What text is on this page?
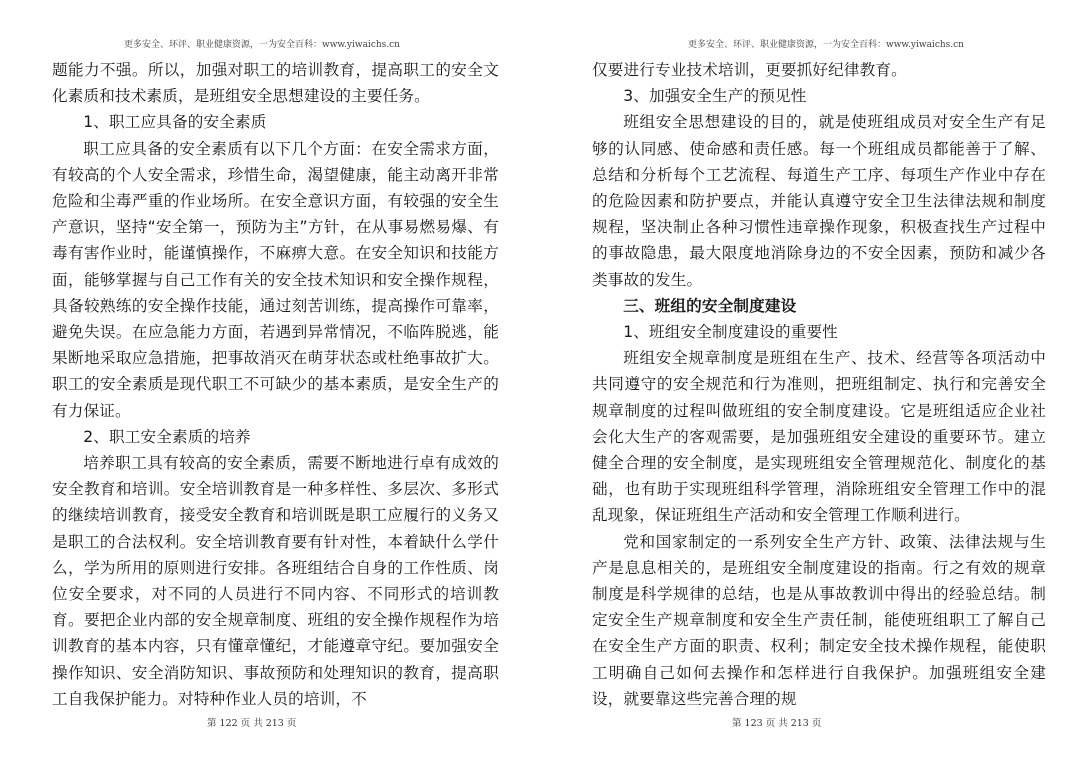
更多安全、环评、职业健康资源，一为安全百科：www.yiwaichs.cn

题能力不强。所以，加强对职工的培训教育，提高职工的安全文化素质和技术素质，是班组安全思想建设的主要任务。

1、职工应具备的安全素质

职工应具备的安全素质有以下几个方面：在安全需求方面，有较高的个人安全需求，珍惜生命，渴望健康，能主动离开非常危险和尘毒严重的作业场所。在安全意识方面，有较强的安全生产意识，坚持“安全第一，预防为主”方针，在从事易燃易爆、有毒有害作业时，能谨慎操作，不麻痹大意。在安全知识和技能方面，能够掌握与自己工作有关的安全技术知识和安全操作规程，具备较熟练的安全操作技能，通过刻苦训练，提高操作可靠率，避免失误。在应急能力方面，若遇到异常情况，不临阵脱逃，能果断地采取应急措施，把事故消灭在萌芽状态或杜绝事故扩大。职工的安全素质是现代职工不可缺少的基本素质，是安全生产的有力保证。

2、职工安全素质的培养

培养职工具有较高的安全素质，需要不断地进行卓有成效的安全教育和培训。安全培训教育是一种多样性、多层次、多形式的继续培训教育，接受安全教育和培训既是职工应履行的义务又是职工的合法权利。安全培训教育要有针对性，本着缺什么学什么，学为所用的原则进行安排。各班组结合自身的工作性质、岗位安全要求，对不同的人员进行不同内容、不同形式的培训教育。要把企业内部的安全规章制度、班组的安全操作规程作为培训教育的基本内容，只有懂章懂纪，才能遵章守纪。要加强安全操作知识、安全消防知识、事故预防和处理知识的教育，提高职工自我保护能力。对特种作业人员的培训，不

第 122 页 共 213 页
更多安全、环评、职业健康资源，一为安全百科：www.yiwaichs.cn

仅要进行专业技术培训，更要抓好纪律教育。

3、加强安全生产的预见性

班组安全思想建设的目的，就是使班组成员对安全生产有足够的认同感、使命感和责任感。每一个班组成员都能善于了解、总结和分析每个工艺流程、每道生产工序、每项生产作业中存在的危险因素和防护要点，并能认真遵守安全卫生法律法规和制度规程，坚决制止各种习惯性违章操作现象，积极查找生产过程中的事故隐患，最大限度地消除身边的不安全因素，预防和减少各类事故的发生。

三、班组的安全制度建设

1、班组安全制度建设的重要性

班组安全规章制度是班组在生产、技术、经营等各项活动中共同遵守的安全规范和行为准则，把班组制定、执行和完善安全规章制度的过程叫做班组的安全制度建设。它是班组适应企业社会化大生产的客观需要，是加强班组安全建设的重要环节。建立健全合理的安全制度，是实现班组安全管理规范化、制度化的基础，也有助于实现班组科学管理，消除班组安全管理工作中的混乱现象，保证班组生产活动和安全管理工作顺利进行。

党和国家制定的一系列安全生产方针、政策、法律法规与生产是息息相关的，是班组安全制度建设的指南。行之有效的规章制度是科学规律的总结，也是从事故教训中得出的经验总结。制定安全生产规章制度和安全生产责任制，能使班组职工了解自己在安全生产方面的职责、权利；制定安全技术操作规程，能使职工明确自己如何去操作和怎样进行自我保护。加强班组安全建设，就要靠这些完善合理的规

第 123 页 共 213 页
